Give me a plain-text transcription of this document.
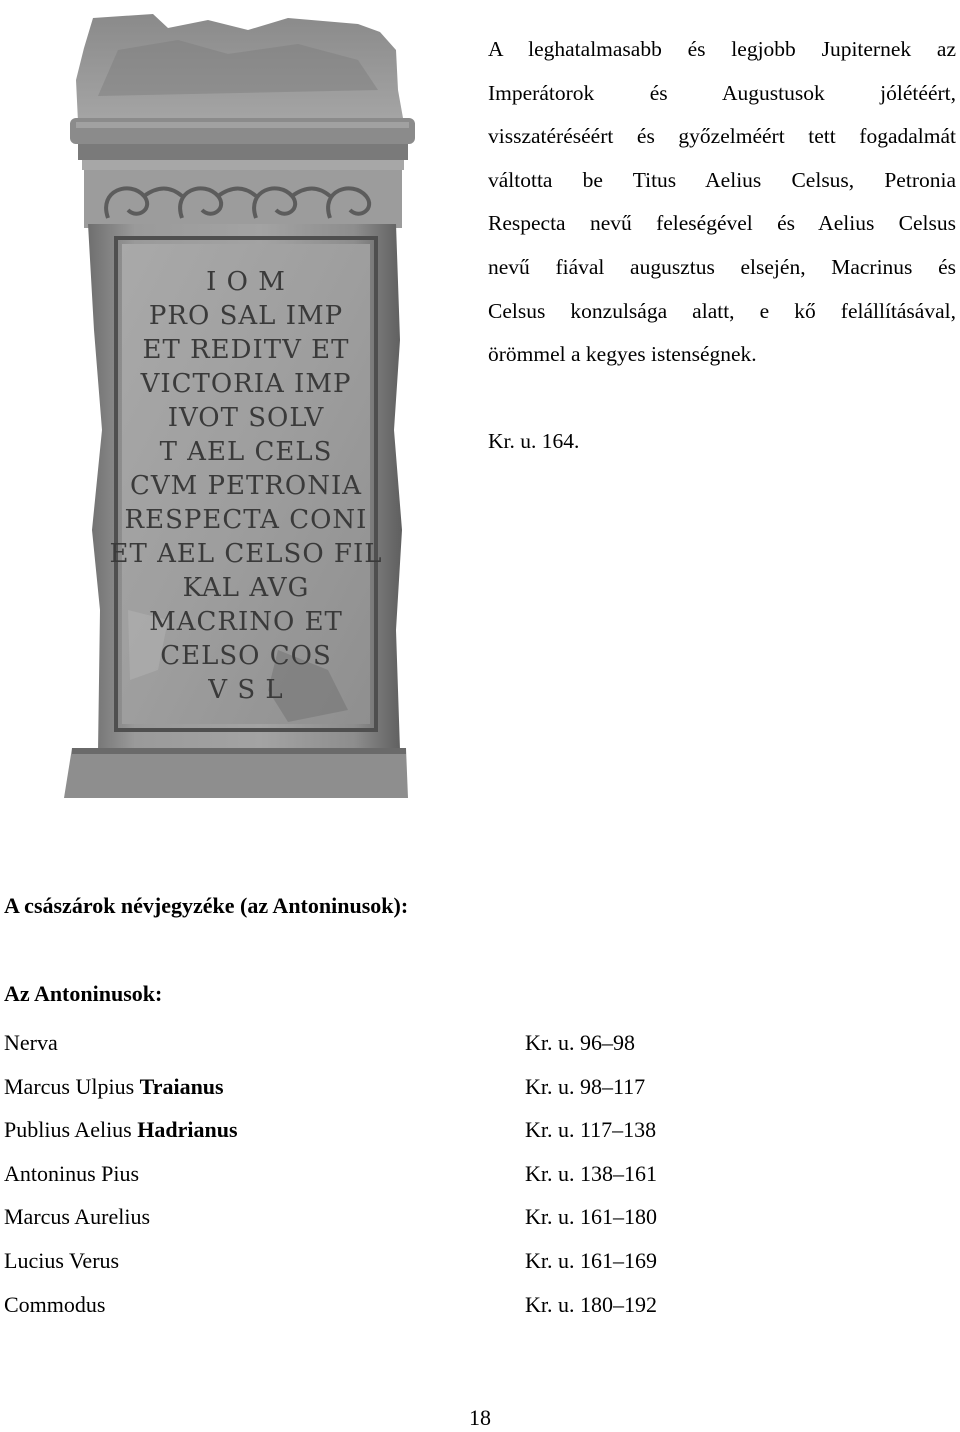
I O M
PRO SAL IMP
ET REDITV ET
VICTORIA IMP
IVOT SOLV
T AEL CELS
CVM PETRONIA
RESPECTA CONI
ET AEL CELSO FIL
KAL AVG
MACRINO ET
CELSO COS
V S L
A leghatalmasabb és legjobb Jupiternek az
Imperátorok és Augustusok jólétéért,
visszatéréséért és győzelméért tett fogadalmát
váltotta be Titus Aelius Celsus, Petronia
Respecta nevű feleségével és Aelius Celsus
nevű fiával augusztus elsején, Macrinus és
Celsus konzulsága alatt, e kő felállításával,
örömmel a kegyes istenségnek.
Kr. u. 164.
A császárok névjegyzéke (az Antoninusok):
Az Antoninusok:
Nerva	Kr. u. 96–98
Marcus Ulpius Traianus	Kr. u. 98–117
Publius Aelius Hadrianus	Kr. u. 117–138
Antoninus Pius	Kr. u. 138–161
Marcus Aurelius	Kr. u. 161–180
Lucius Verus	Kr. u. 161–169
Commodus	Kr. u. 180–192
18
